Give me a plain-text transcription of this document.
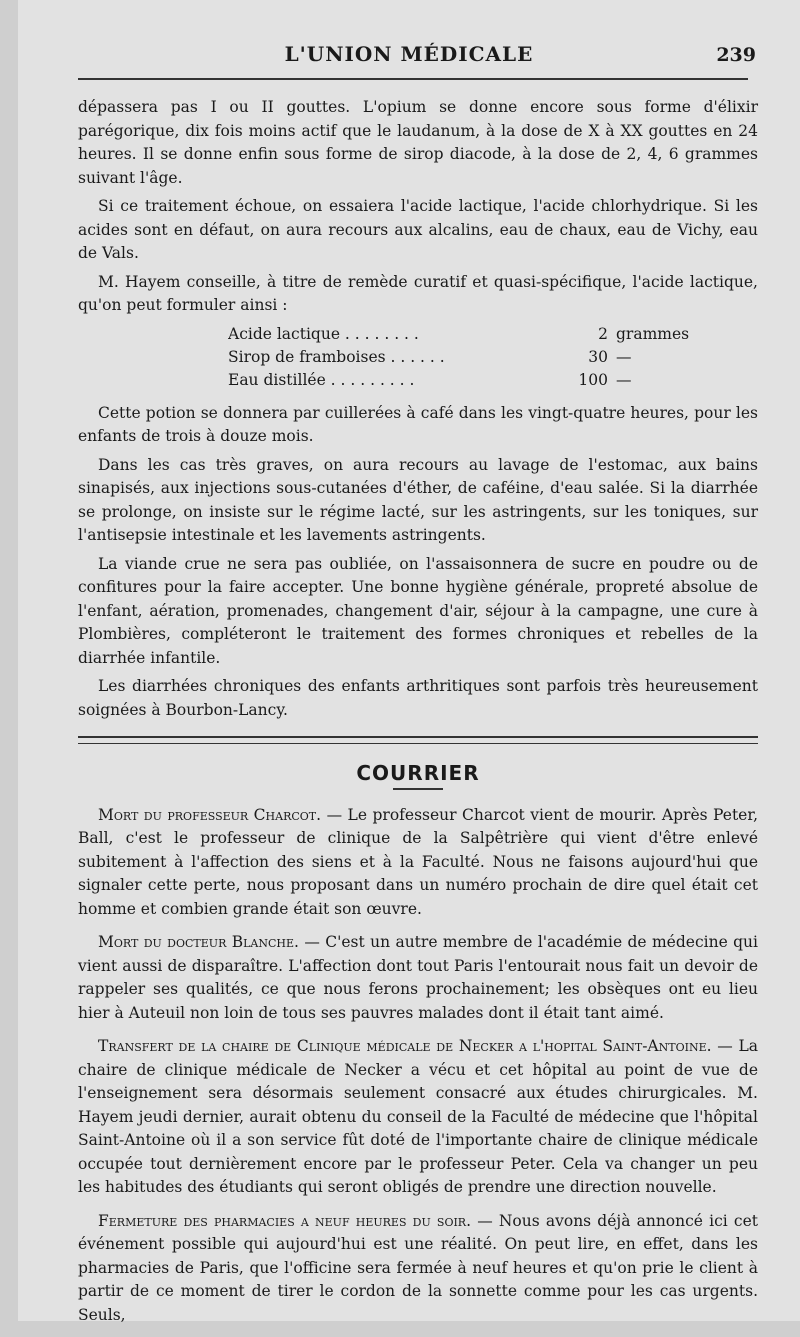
L'UNION MÉDICALE	239

dépassera pas I ou II gouttes. L'opium se donne encore sous forme d'élixir parégorique, dix fois moins actif que le laudanum, à la dose de X à XX gouttes en 24 heures. Il se donne enfin sous forme de sirop diacode, à la dose de 2, 4, 6 grammes suivant l'âge.

Si ce traitement échoue, on essaiera l'acide lactique, l'acide chlorhydrique. Si les acides sont en défaut, on aura recours aux alcalins, eau de chaux, eau de Vichy, eau de Vals.

M. Hayem conseille, à titre de remède curatif et quasi-spécifique, l'acide lactique, qu'on peut formuler ainsi :

Acide lactique . . . . . . . .	2 grammes
Sirop de framboises . . . . . .	30 —
Eau distillée . . . . . . . . .	100 —

Cette potion se donnera par cuillerées à café dans les vingt-quatre heures, pour les enfants de trois à douze mois.

Dans les cas très graves, on aura recours au lavage de l'estomac, aux bains sinapisés, aux injections sous-cutanées d'éther, de caféine, d'eau salée. Si la diarrhée se prolonge, on insiste sur le régime lacté, sur les astringents, sur les toniques, sur l'antisepsie intestinale et les lavements astringents.

La viande crue ne sera pas oubliée, on l'assaisonnera de sucre en poudre ou de confitures pour la faire accepter. Une bonne hygiène générale, propreté absolue de l'enfant, aération, promenades, changement d'air, séjour à la campagne, une cure à Plombières, compléteront le traitement des formes chroniques et rebelles de la diarrhée infantile.

Les diarrhées chroniques des enfants arthritiques sont parfois très heureusement soignées à Bourbon-Lancy.

COURRIER

Mort du professeur Charcot. — Le professeur Charcot vient de mourir. Après Peter, Ball, c'est le professeur de clinique de la Salpêtrière qui vient d'être enlevé subitement à l'affection des siens et à la Faculté. Nous ne faisons aujourd'hui que signaler cette perte, nous proposant dans un numéro prochain de dire quel était cet homme et combien grande était son œuvre.

Mort du docteur Blanche. — C'est un autre membre de l'académie de médecine qui vient aussi de disparaître. L'affection dont tout Paris l'entourait nous fait un devoir de rappeler ses qualités, ce que nous ferons prochainement; les obsèques ont eu lieu hier à Auteuil non loin de tous ses pauvres malades dont il était tant aimé.

Transfert de la chaire de Clinique médicale de Necker a l'hopital Saint-Antoine. — La chaire de clinique médicale de Necker a vécu et cet hôpital au point de vue de l'enseignement sera désormais seulement consacré aux études chirurgicales. M. Hayem jeudi dernier, aurait obtenu du conseil de la Faculté de médecine que l'hôpital Saint-Antoine où il a son service fût doté de l'importante chaire de clinique médicale occupée tout dernièrement encore par le professeur Peter. Cela va changer un peu les habitudes des étudiants qui seront obligés de prendre une direction nouvelle.

Fermeture des pharmacies a neuf heures du soir. — Nous avons déjà annoncé ici cet événement possible qui aujourd'hui est une réalité. On peut lire, en effet, dans les pharmacies de Paris, que l'officine sera fermée à neuf heures et qu'on prie le client à partir de ce moment de tirer le cordon de la sonnette comme pour les cas urgents. Seuls,
